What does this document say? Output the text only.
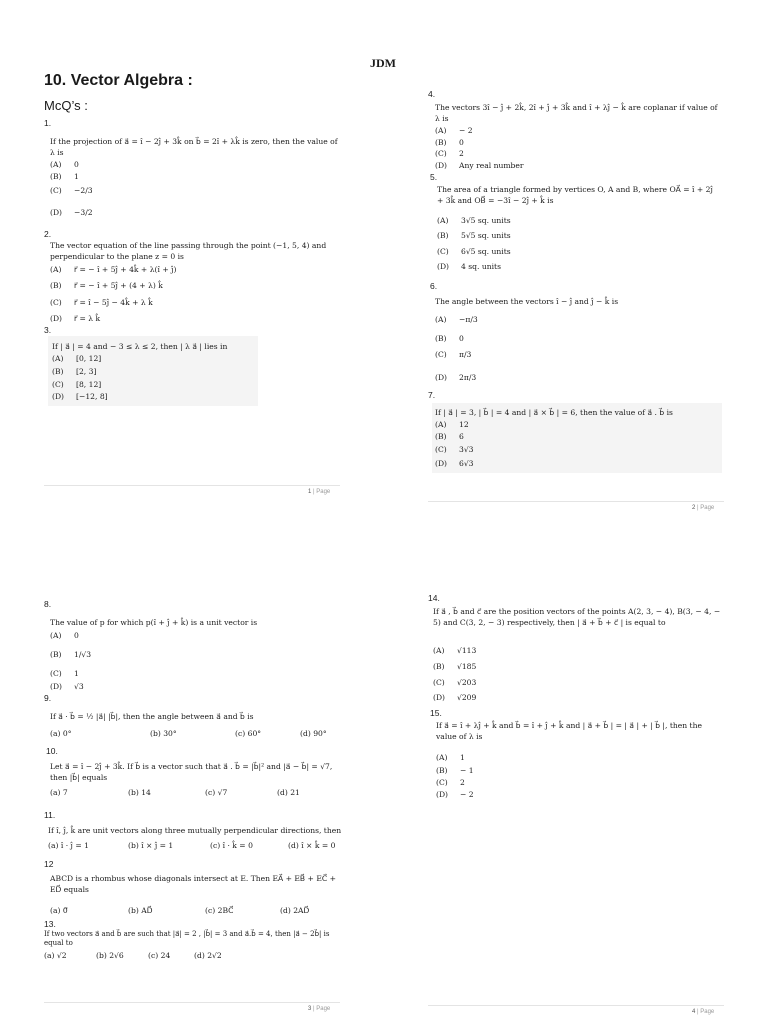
JDM
10. Vector Algebra :
McQ’s :
1.
If the projection of a⃗ = î − 2ĵ + 3k̂ on b⃗ = 2î + λk̂ is zero, then the value of λ is
(A) 0
(B) 1
(C) −2/3
(D) −3/2
2.
The vector equation of the line passing through the point (−1, 5, 4) and perpendicular to the plane z = 0 is
(A) r⃗ = − î + 5ĵ + 4k̂ + λ(î + ĵ)
(B) r⃗ = − î + 5ĵ + (4 + λ) k̂
(C) r⃗ = î − 5ĵ − 4k̂ + λ k̂
(D) r⃗ = λ k̂
3.
If | a⃗ | = 4 and − 3 ≤ λ ≤ 2, then | λ a⃗ | lies in
(A) [0, 12]
(B) [2, 3]
(C) [8, 12]
(D) [−12, 8]
1 | Page
4.
The vectors 3î − ĵ + 2k̂, 2î + ĵ + 3k̂ and î + λĵ − k̂ are coplanar if value of λ is
(A) − 2
(B) 0
(C) 2
(D) Any real number
5.
The area of a triangle formed by vertices O, A and B, where OA⃗ = î + 2ĵ + 3k̂ and OB⃗ = −3î − 2ĵ + k̂ is
(A) 3√5 sq. units
(B) 5√5 sq. units
(C) 6√5 sq. units
(D) 4 sq. units
6.
The angle between the vectors î − ĵ and ĵ − k̂ is
(A) −π/3
(B) 0
(C) π/3
(D) 2π/3
7.
If | a⃗ | = 3, | b⃗ | = 4 and | a⃗ × b⃗ | = 6, then the value of a⃗ . b⃗ is
(A) 12
(B) 6
(C) 3√3
(D) 6√3
2 | Page
8.
The value of p for which p(î + ĵ + k̂) is a unit vector is
(A) 0
(B) 1/√3
(C) 1
(D) √3
9.
If a⃗ · b⃗ = ½ |a⃗| |b⃗|, then the angle between a⃗ and b⃗ is
(a) 0°	(b) 30°	(c) 60°	(d) 90°
10.
Let a⃗ = î − 2ĵ + 3k̂. If b⃗ is a vector such that a⃗ . b⃗ = |b⃗|² and |a⃗ − b⃗| = √7, then |b⃗| equals
(a) 7	(b) 14	(c) √7	(d) 21
11.
If î, ĵ, k̂ are unit vectors along three mutually perpendicular directions, then
(a) î · ĵ = 1	(b) î × ĵ = 1	(c) î · k̂ = 0	(d) î × k̂ = 0
12
ABCD is a rhombus whose diagonals intersect at E. Then EA⃗ + EB⃗ + EC⃗ + ED⃗ equals
(a) 0⃗	(b) AD⃗	(c) 2BC⃗	(d) 2AD⃗
13.
If two vectors a⃗ and b⃗ are such that |a⃗| = 2 , |b⃗| = 3 and a⃗.b⃗ = 4, then |a⃗ − 2b⃗| is equal to
(a) √2	(b) 2√6	(c) 24	(d) 2√2
3 | Page
14.
If a⃗ , b⃗ and c⃗ are the position vectors of the points A(2, 3, − 4), B(3, − 4, − 5) and C(3, 2, − 3) respectively, then | a⃗ + b⃗ + c⃗ | is equal to
(A) √113
(B) √185
(C) √203
(D) √209
15.
If a⃗ = î + λĵ + k̂ and b⃗ = î + ĵ + k̂ and | a⃗ + b⃗ | = | a⃗ | + | b⃗ |, then the value of λ is
(A) 1
(B) − 1
(C) 2
(D) − 2
4 | Page
